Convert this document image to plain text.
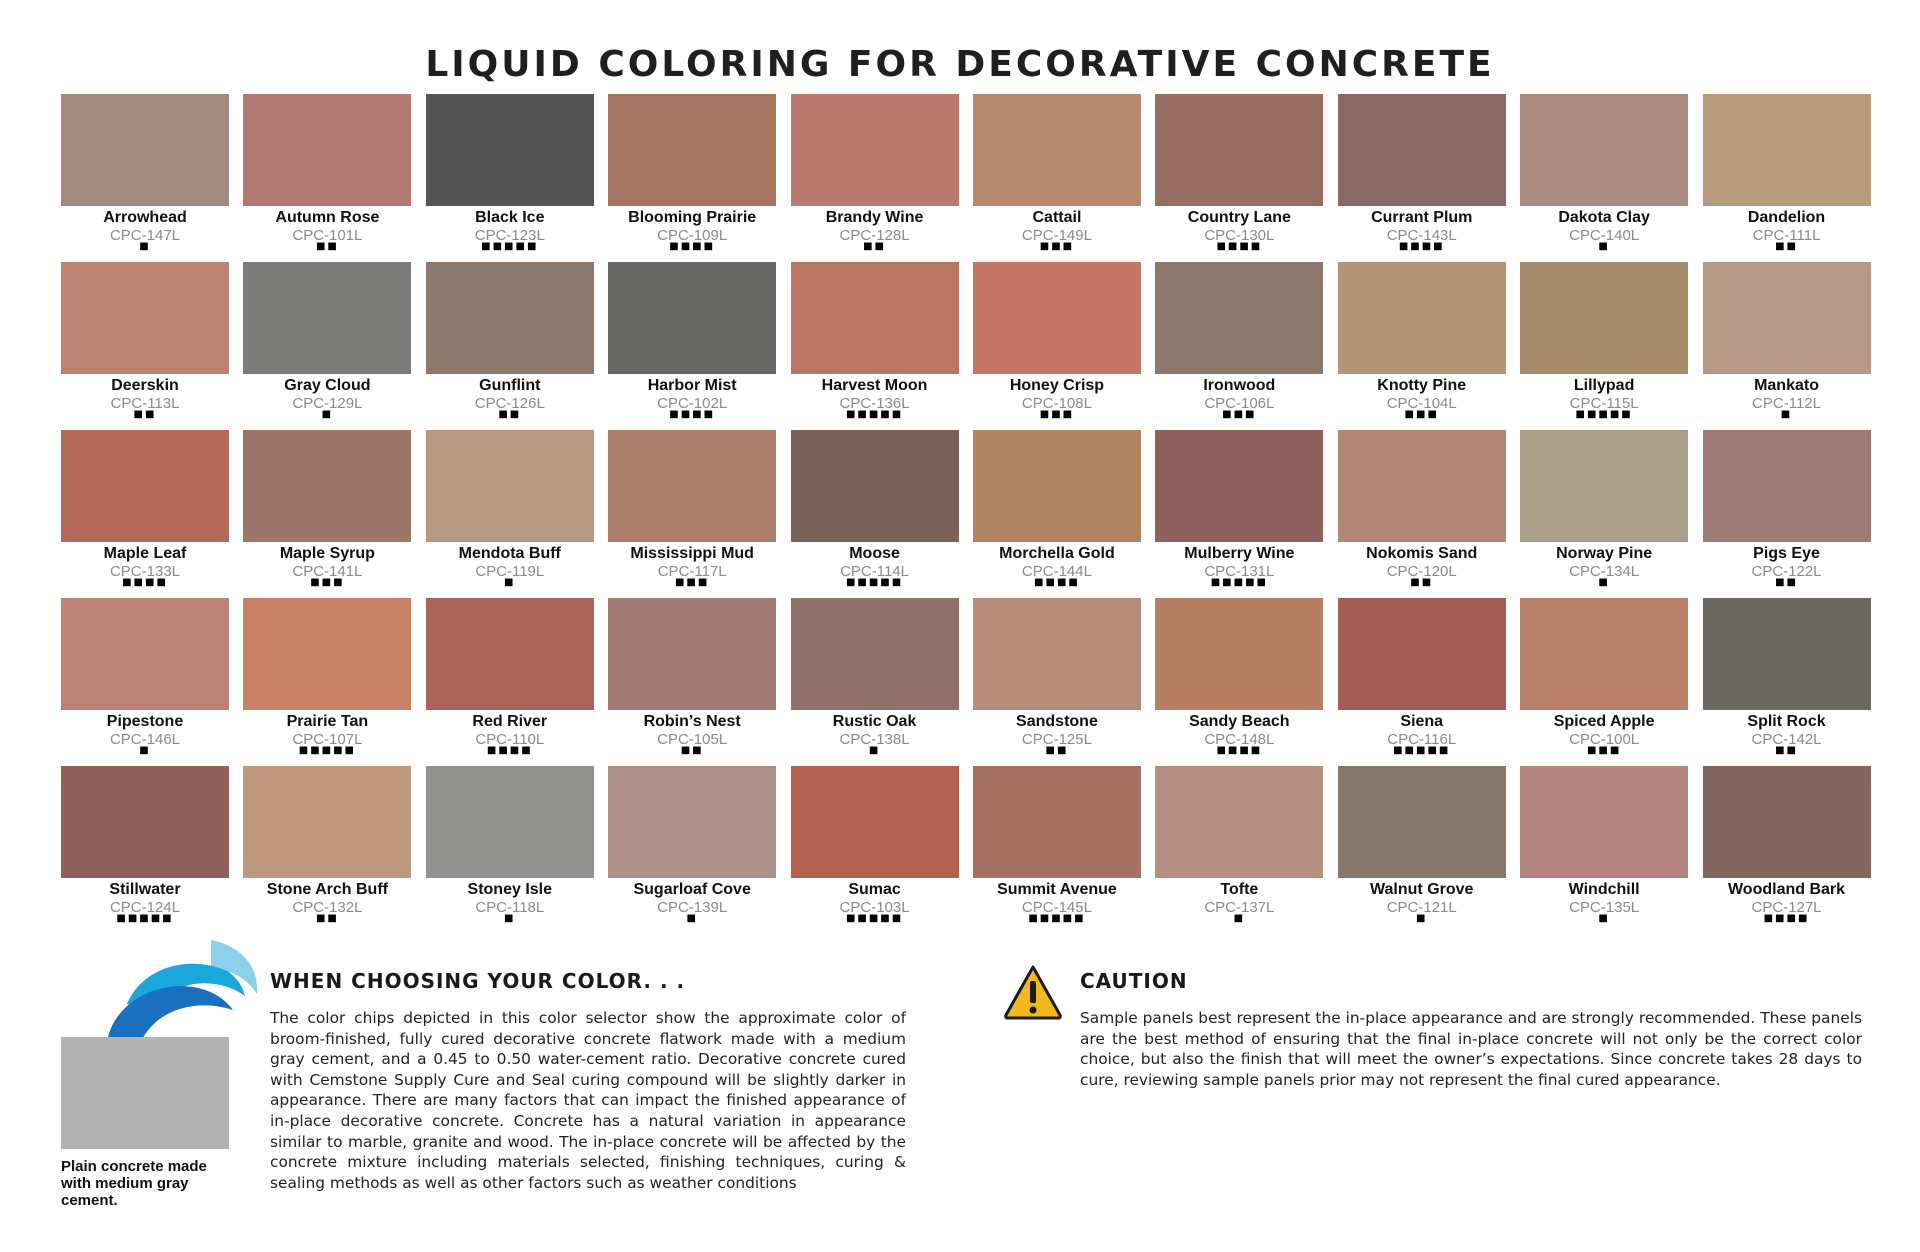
LIQUID COLORING FOR DECORATIVE CONCRETE
Arrowhead
CPC-147L
■
Autumn Rose
CPC-101L
■■
Black Ice
CPC-123L
■■■■■
Blooming Prairie
CPC-109L
■■■■
Brandy Wine
CPC-128L
■■
Cattail
CPC-149L
■■■
Country Lane
CPC-130L
■■■■
Currant Plum
CPC-143L
■■■■
Dakota Clay
CPC-140L
■
Dandelion
CPC-111L
■■
Deerskin
CPC-113L
■■
Gray Cloud
CPC-129L
■
Gunflint
CPC-126L
■■
Harbor Mist
CPC-102L
■■■■
Harvest Moon
CPC-136L
■■■■■
Honey Crisp
CPC-108L
■■■
Ironwood
CPC-106L
■■■
Knotty Pine
CPC-104L
■■■
Lillypad
CPC-115L
■■■■■
Mankato
CPC-112L
■
Maple Leaf
CPC-133L
■■■■
Maple Syrup
CPC-141L
■■■
Mendota Buff
CPC-119L
■
Mississippi Mud
CPC-117L
■■■
Moose
CPC-114L
■■■■■
Morchella Gold
CPC-144L
■■■■
Mulberry Wine
CPC-131L
■■■■■
Nokomis Sand
CPC-120L
■■
Norway Pine
CPC-134L
■
Pigs Eye
CPC-122L
■■
Pipestone
CPC-146L
■
Prairie Tan
CPC-107L
■■■■■
Red River
CPC-110L
■■■■
Robin’s Nest
CPC-105L
■■
Rustic Oak
CPC-138L
■
Sandstone
CPC-125L
■■
Sandy Beach
CPC-148L
■■■■
Siena
CPC-116L
■■■■■
Spiced Apple
CPC-100L
■■■
Split Rock
CPC-142L
■■
Stillwater
CPC-124L
■■■■■
Stone Arch Buff
CPC-132L
■■
Stoney Isle
CPC-118L
■
Sugarloaf Cove
CPC-139L
■
Sumac
CPC-103L
■■■■■
Summit Avenue
CPC-145L
■■■■■
Tofte
CPC-137L
■
Walnut Grove
CPC-121L
■
Windchill
CPC-135L
■
Woodland Bark
CPC-127L
■■■■
Plain concrete made with medium gray cement.
WHEN CHOOSING YOUR COLOR. . .
The color chips depicted in this color selector show the approximate color of broom-finished, fully cured decorative concrete flatwork made with a medium gray cement, and a 0.45 to 0.50 water-cement ratio. Decorative concrete cured with Cemstone Supply Cure and Seal curing compound will be slightly darker in appearance. There are many factors that can impact the finished appearance of in-place decorative concrete. Concrete has a natural variation in appearance similar to marble, granite and wood. The in-place concrete will be affected by the concrete mixture including materials selected, finishing techniques, curing & sealing methods as well as other factors such as weather conditions
CAUTION
Sample panels best represent the in-place appearance and are strongly recommended. These panels are the best method of ensuring that the final in-place concrete will not only be the correct color choice, but also the finish that will meet the owner’s expectations. Since concrete takes 28 days to cure, reviewing sample panels prior may not represent the final cured appearance.
